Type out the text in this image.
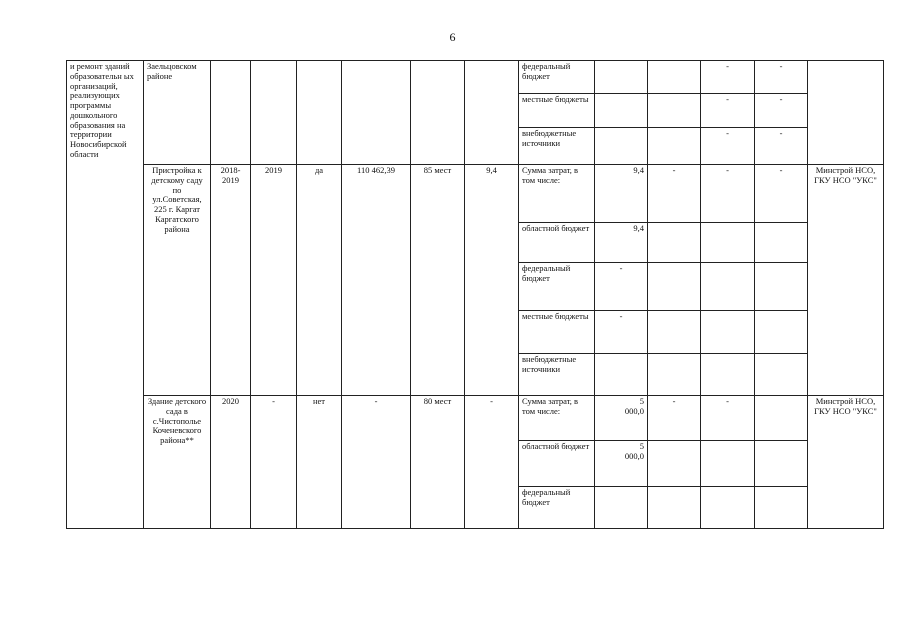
6
и ремонт зданий образовательн ых организаций, реализующих программы дошкольного образования на территории Новосибирской области	Заельцовском районе							федеральный бюджет			-	-	
								местные бюджеты			-	-	
								внебюджетные источники			-	-	
	Пристройка к детскому саду по ул.Советская, 225 г. Каргат Каргатского района	2018-2019	2019	да	110 462,39	85 мест	9,4	Сумма затрат, в том числе:	9,4	-	-	-	Минстрой НСО, ГКУ НСО "УКС"
								областной бюджет	9,4				
								федеральный бюджет	-				
								местные бюджеты	-				
								внебюджетные источники					
	Здание детского сада в с.Чистополье Коченевского района**	2020	-	нет	-	80 мест	-	Сумма затрат, в том числе:	5
000,0	-	-		Минстрой НСО, ГКУ НСО "УКС"
								областной бюджет	5
000,0				
								федеральный бюджет					
